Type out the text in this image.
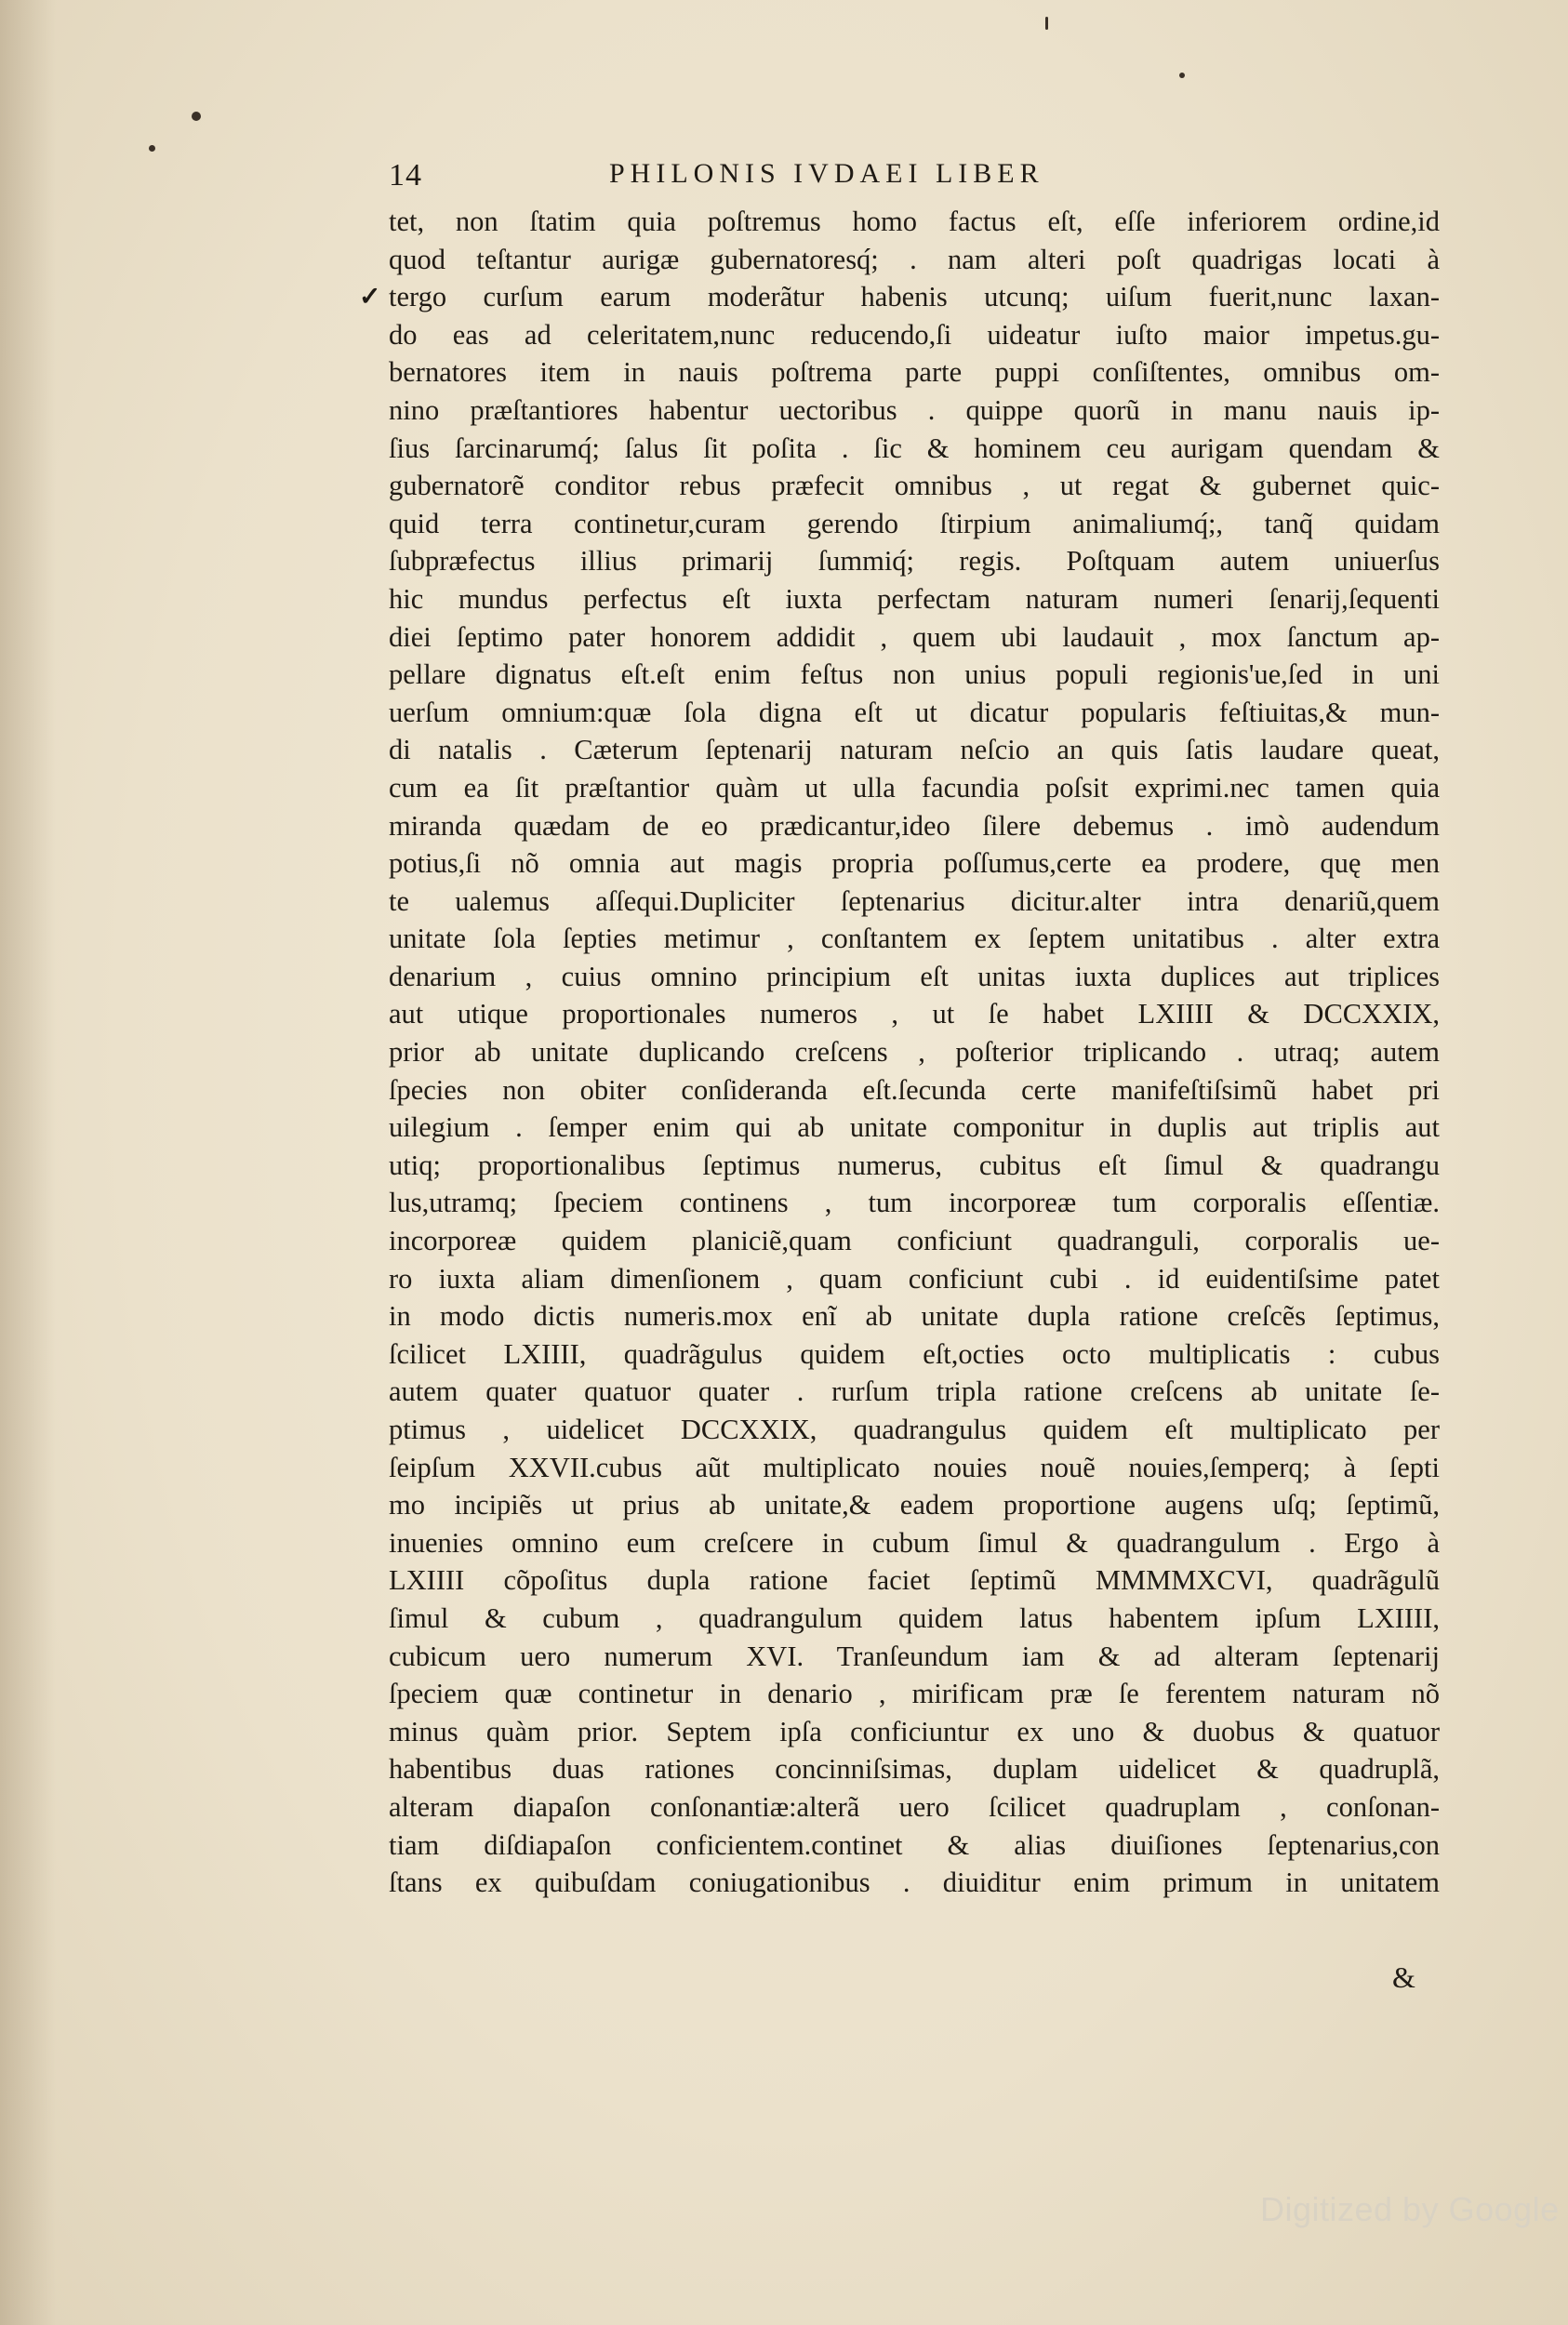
14	PHILONIS IVDAEI LIBER
✓
tet, non ſtatim quia poſtremus homo factus eſt, eſſe inferiorem ordine,id
quod teſtantur aurigæ gubernatoresq́; . nam alteri poſt quadrigas locati à
tergo curſum earum moderãtur habenis utcunq; uiſum fuerit,nunc laxan-
do eas ad celeritatem,nunc reducendo,ſi uideatur iuſto maior impetus.gu-
bernatores item in nauis poſtrema parte puppi conſiſtentes, omnibus om-
nino præſtantiores habentur uectoribus . quippe quorũ in manu nauis ip-
ſius ſarcinarumq́; ſalus ſit poſita . ſic & hominem ceu aurigam quendam &
gubernatorẽ conditor rebus præfecit omnibus , ut regat & gubernet quic-
quid terra continetur,curam gerendo ſtirpium animaliumq́;, tanq̃ quidam
ſubpræfectus illius primarij ſummiq́; regis. Poſtquam autem uniuerſus
hic mundus perfectus eſt iuxta perfectam naturam numeri ſenarij,ſequenti
diei ſeptimo pater honorem addidit , quem ubi laudauit , mox ſanctum ap-
pellare dignatus eſt.eſt enim feſtus non unius populi regionis'ue,ſed in uni
uerſum omnium:quæ ſola digna eſt ut dicatur popularis feſtiuitas,& mun-
di natalis . Cæterum ſeptenarij naturam neſcio an quis ſatis laudare queat,
cum ea ſit præſtantior quàm ut ulla facundia poſsit exprimi.nec tamen quia
miranda quædam de eo prædicantur,ideo ſilere debemus . imò audendum
potius,ſi nõ omnia aut magis propria poſſumus,certe ea prodere, quę men
te ualemus aſſequi.Dupliciter ſeptenarius dicitur.alter intra denariũ,quem
unitate ſola ſepties metimur , conſtantem ex ſeptem unitatibus . alter extra
denarium , cuius omnino principium eſt unitas iuxta duplices aut triplices
aut utique proportionales numeros , ut ſe habet LXIIII & DCCXXIX,
prior ab unitate duplicando creſcens , poſterior triplicando . utraq; autem
ſpecies non obiter conſideranda eſt.ſecunda certe manifeſtiſsimũ habet pri
uilegium . ſemper enim qui ab unitate componitur in duplis aut triplis aut
utiq; proportionalibus ſeptimus numerus, cubitus eſt ſimul & quadrangu
lus,utramq; ſpeciem continens , tum incorporeæ tum corporalis eſſentiæ.
incorporeæ quidem planiciẽ,quam conficiunt quadranguli, corporalis ue-
ro iuxta aliam dimenſionem , quam conficiunt cubi . id euidentiſsime patet
in modo dictis numeris.mox enĩ ab unitate dupla ratione creſcẽs ſeptimus,
ſcilicet LXIIII, quadrãgulus quidem eſt,octies octo multiplicatis : cubus
autem quater quatuor quater . rurſum tripla ratione creſcens ab unitate ſe-
ptimus , uidelicet DCCXXIX, quadrangulus quidem eſt multiplicato per
ſeipſum XXVII.cubus aũt multiplicato nouies nouẽ nouies,ſemperq; à ſepti
mo incipiẽs ut prius ab unitate,& eadem proportione augens uſq; ſeptimũ,
inuenies omnino eum creſcere in cubum ſimul & quadrangulum . Ergo à
LXIIII cõpoſitus dupla ratione faciet ſeptimũ MMMMXCVI, quadrãgulũ
ſimul & cubum , quadrangulum quidem latus habentem ipſum LXIIII,
cubicum uero numerum XVI. Tranſeundum iam & ad alteram ſeptenarij
ſpeciem quæ continetur in denario , mirificam præ ſe ferentem naturam nõ
minus quàm prior. Septem ipſa conficiuntur ex uno & duobus & quatuor
habentibus duas rationes concinniſsimas, duplam uidelicet & quadruplã,
alteram diapaſon conſonantiæ:alterã uero ſcilicet quadruplam , conſonan-
tiam diſdiapaſon conficientem.continet & alias diuiſiones ſeptenarius,con
ſtans ex quibuſdam coniugationibus . diuiditur enim primum in unitatem
&
Digitized by Google
